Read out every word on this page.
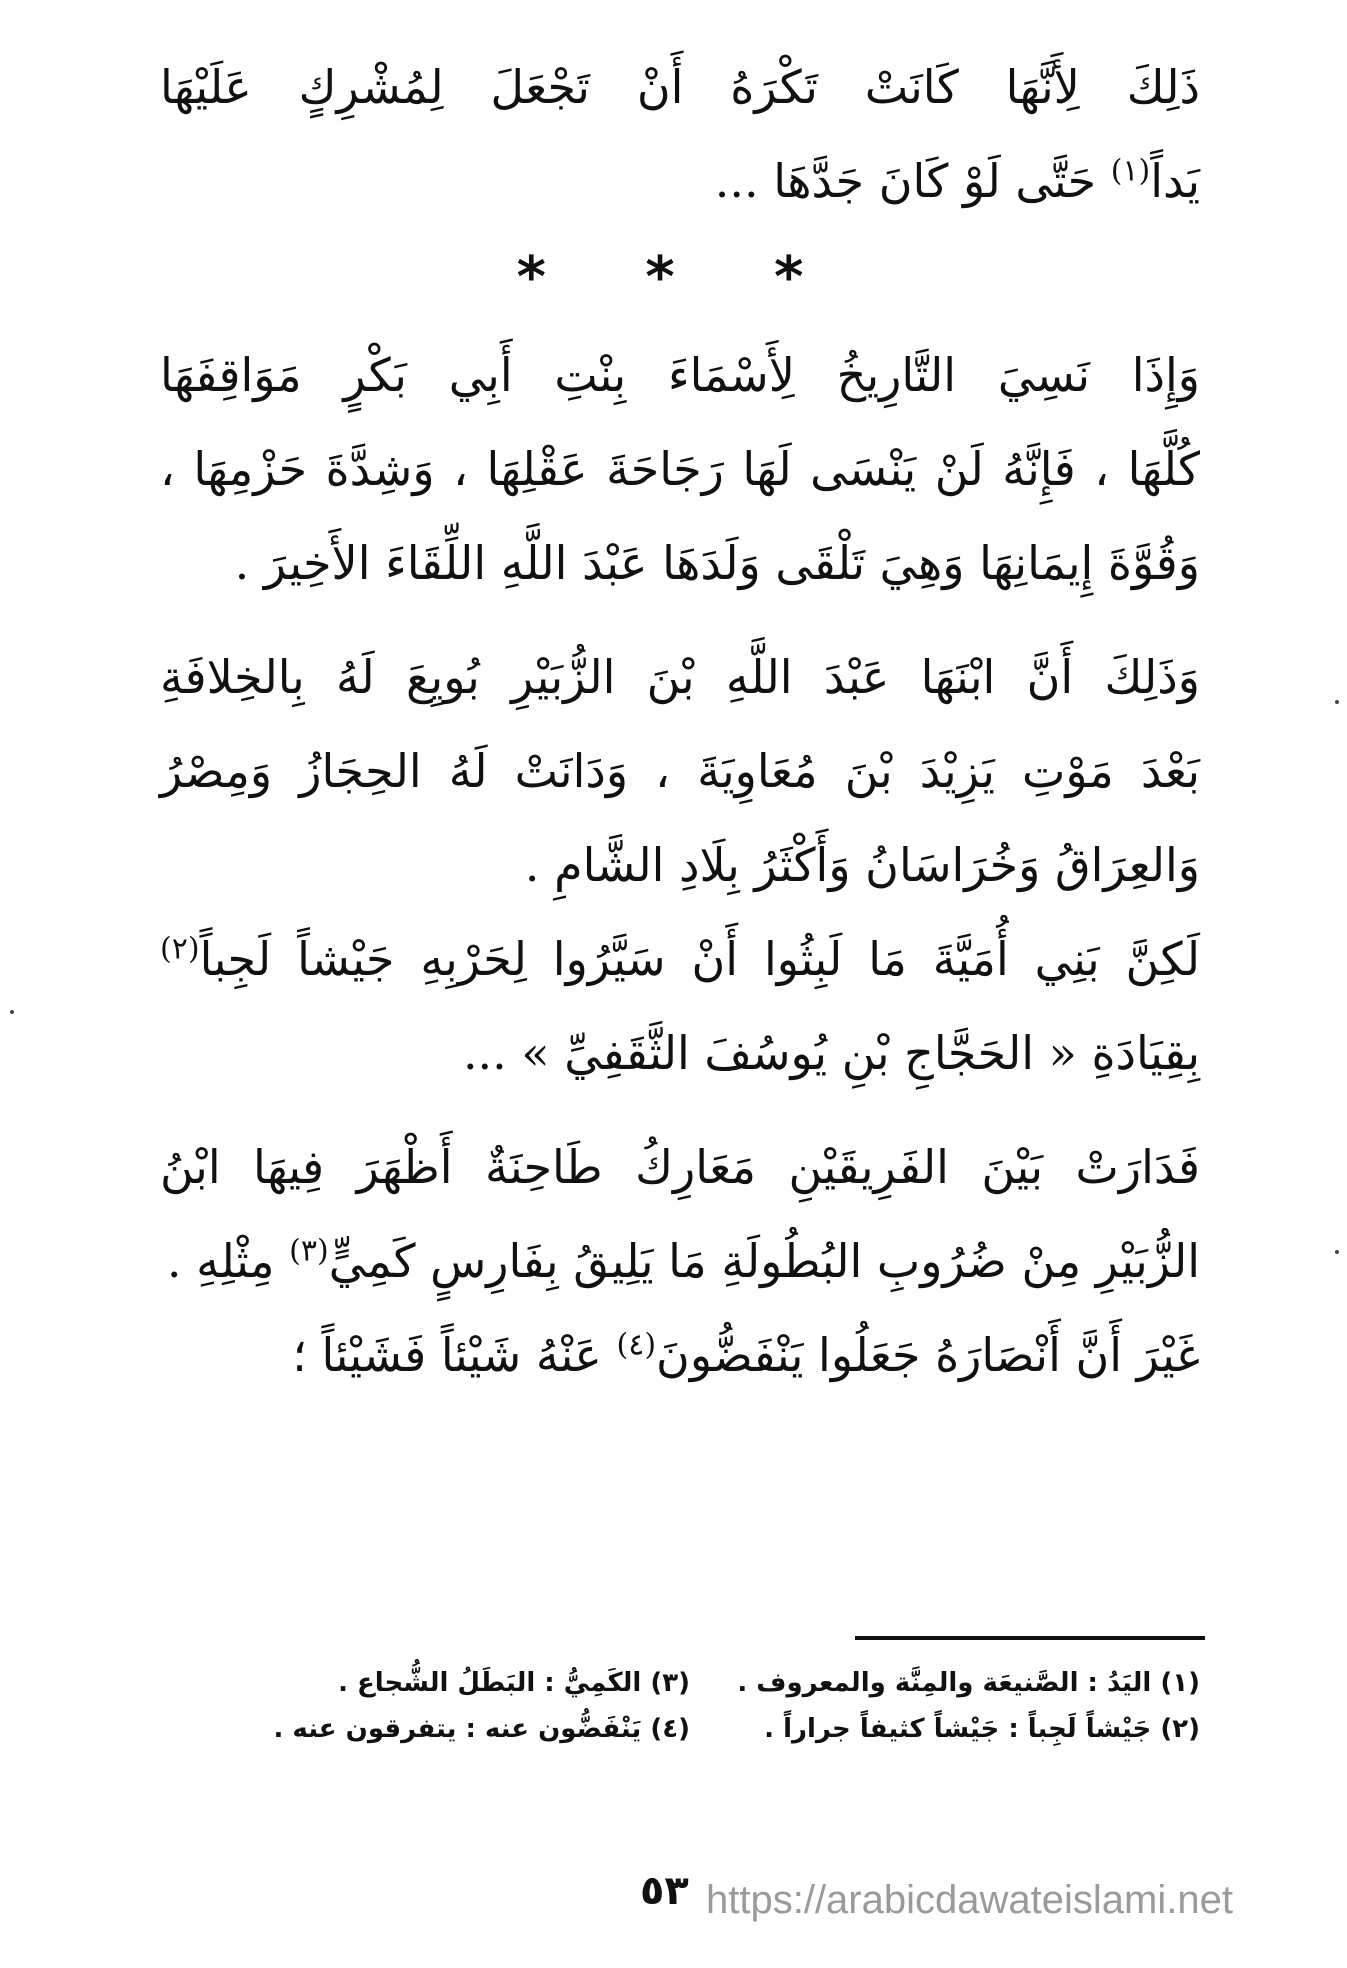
ذَلِكَ لِأَنَّهَا كَانَتْ تَكْرَهُ أَنْ تَجْعَلَ لِمُشْرِكٍ عَلَيْهَا
يَداً$^{(١)}$ حَتَّى لَوْ كَانَ جَدَّهَا ...
* * *
وَإِذَا نَسِيَ التَّارِيخُ لِأَسْمَاءَ بِنْتِ أَبِي بَكْرٍ مَوَاقِفَهَا
كُلَّهَا ، فَإِنَّهُ لَنْ يَنْسَى لَهَا رَجَاحَةَ عَقْلِهَا ، وَشِدَّةَ حَزْمِهَا ،
وَقُوَّةَ إِيمَانِهَا وَهِيَ تَلْقَى وَلَدَهَا عَبْدَ اللَّهِ اللِّقَاءَ الأَخِيرَ .
وَذَلِكَ أَنَّ ابْنَهَا عَبْدَ اللَّهِ بْنَ الزُّبَيْرِ بُويِعَ لَهُ بِالخِلافَةِ
بَعْدَ مَوْتِ يَزِيْدَ بْنَ مُعَاوِيَةَ ، وَدَانَتْ لَهُ الحِجَازُ وَمِصْرُ
وَالعِرَاقُ وَخُرَاسَانُ وَأَكْثَرُ بِلَادِ الشَّامِ .
لَكِنَّ بَنِي أُمَيَّةَ مَا لَبِثُوا أَنْ سَيَّرُوا لِحَرْبِهِ جَيْشاً لَجِباً$^{(٢)}$
بِقِيَادَةِ « الحَجَّاجِ بْنِ يُوسُفَ الثَّقَفِيِّ » ...
فَدَارَتْ بَيْنَ الفَرِيقَيْنِ مَعَارِكُ طَاحِنَةٌ أَظْهَرَ فِيهَا ابْنُ
الزُّبَيْرِ مِنْ ضُرُوبِ البُطُولَةِ مَا يَلِيقُ بِفَارِسٍ كَمِيٍّ$^{(٣)}$ مِثْلِهِ .
غَيْرَ أَنَّ أَنْصَارَهُ جَعَلُوا يَنْفَضُّونَ$^{(٤)}$ عَنْهُ شَيْئاً فَشَيْئاً ؛
(١) اليَدُ : الصَّنيعَة والمِنَّة والمعروف .
(٣) الكَمِيُّ : البَطَلُ الشُّجاع .
(٢) جَيْشاً لَجِباً : جَيْشاً كثيفاً جراراً .
(٤) يَنْفَضُّون عنه : يتفرقون عنه .
٥٣ https://arabicdawateislami.net
